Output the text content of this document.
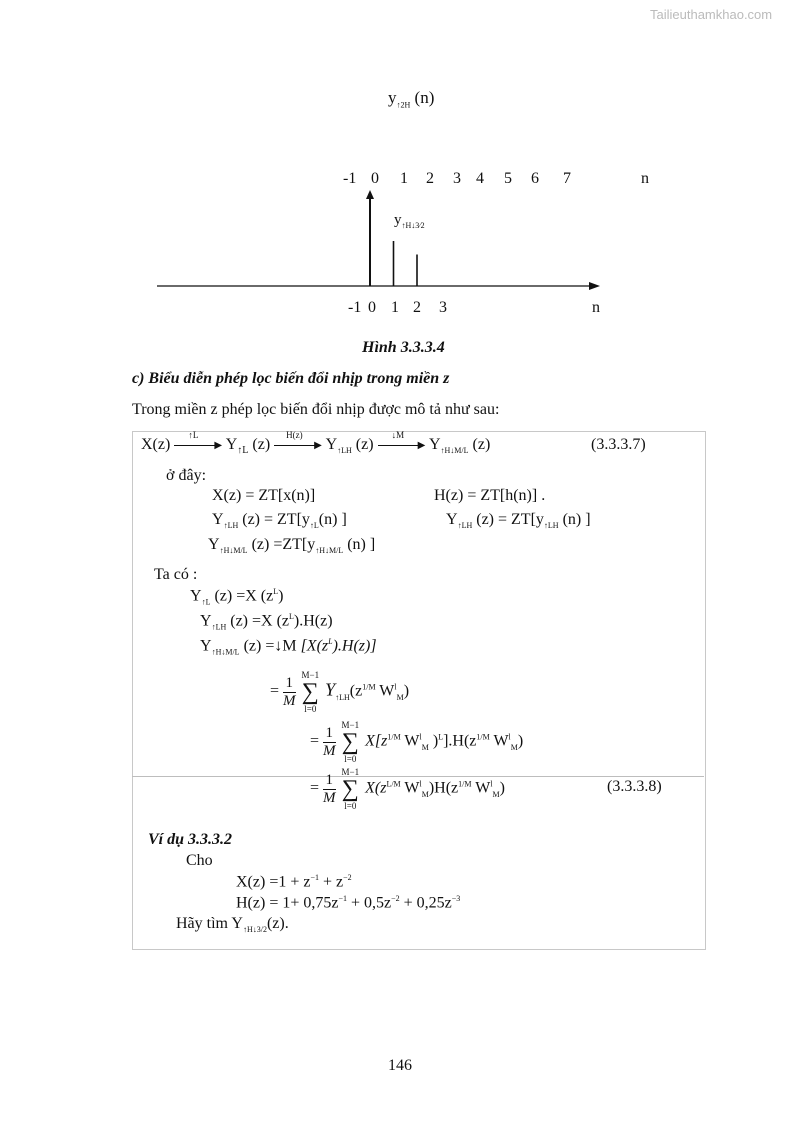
Tailieuthamkhao.com
$y_{↑2H}$ (n)
-1 0 1 2 3 4 5 6 7	n
$y_{↑H↓3⁄2}$
-1 0 1 2 3	n
Hình 3.3.3.4
c) Biểu diễn phép lọc biến đổi nhịp trong miền z
Trong miền z phép lọc biến đổi nhịp được mô tả như sau:
X(z)
↑L
▶ $Y_{↑L}$ (z)
H(z)
▶ $Y_{↑LH}$ (z)
↓M
▶ $Y_{↑H↓M/L}$ (z)	(3.3.3.7)
ở đây:
X(z) = ZT[x(n)]	H(z) = ZT[h(n)] .
$Y_{↑LH}$ $(z) = ZT[y_{↑L}(n)$ ]	$Y_{↑LH}$ $(z) = ZT[y_{↑LH}$ (n) ]
$Y_{↑H↓M/L}$ $(z) =ZT[y_{↑H↓M/L}$ (n) ]
Ta có :
$Y_{↑L}$ (z) =X $(z^L)$
$Y_{↑LH}$ (z) =X $(z^L).H(z)$
$Y_{↑H↓M/L}$ (z) =↓M $[X(z^L).H(z)]$
= $\frac{1}{M}$
M−1
∑
l=0
$Y_{↑LH}(z^{1/M}$ $W^l_M$)
= $\frac{1}{M}$
M−1
∑
l=0
$X[z^{1/M}$ $W^l_M$ )$^L].H(z^{1/M}$ $W^l_M$)
= $\frac{1}{M}$
M−1
∑
l=0
$X(z^{L/M}$ $W^l_M)H(z^{1/M}$ $W^l_M$)	(3.3.3.8)
Ví dụ 3.3.3.2
Cho
$X(z) =1 + z^{-1} + z^{-2}$
$H(z) = 1+ 0,75z^{-1} + 0,5z^{-2} + 0,25z^{-3}$
Hãy tìm $Y_{↑H↓3/2}(z)$.
146
